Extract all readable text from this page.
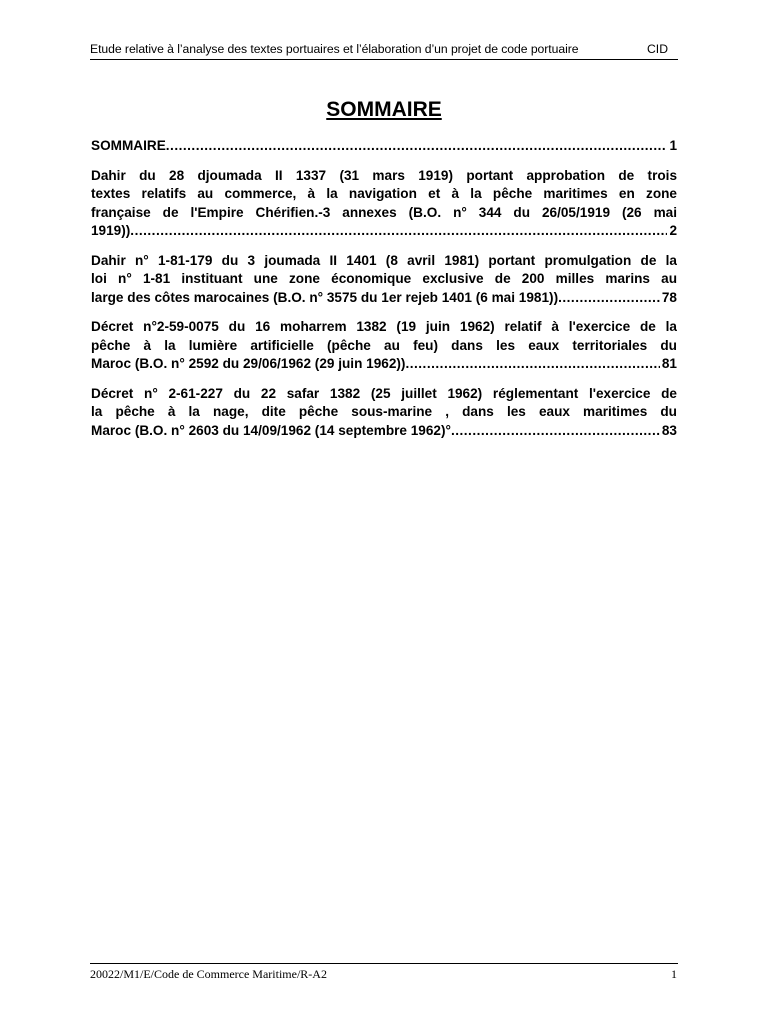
Etude relative à l’analyse des textes portuaires et l’élaboration d’un projet de code portuaire	CID
SOMMAIRE
SOMMAIRE .....	1
Dahir du 28 djoumada II 1337 (31 mars 1919) portant approbation de trois
textes relatifs au commerce, à la navigation et à la pêche maritimes en zone
française de l'Empire Chérifien.-3 annexes (B.O. n° 344 du 26/05/1919 (26 mai
1919)) .....	2
Dahir n° 1-81-179 du 3 joumada II 1401 (8 avril 1981) portant promulgation de la
loi n° 1-81 instituant une zone économique exclusive de 200 milles marins au
large des côtes marocaines (B.O. n° 3575 du 1er rejeb 1401 (6 mai 1981)) .....	78
Décret n°2-59-0075 du 16 moharrem 1382 (19 juin 1962) relatif à l'exercice de la
pêche à la lumière artificielle (pêche au feu) dans les eaux territoriales du
Maroc (B.O. n° 2592 du 29/06/1962 (29 juin 1962)) .....	81
Décret n° 2-61-227 du 22 safar 1382 (25 juillet 1962) réglementant l'exercice de
la pêche à la nage, dite pêche sous-marine , dans les eaux maritimes du
Maroc (B.O. n° 2603 du 14/09/1962 (14 septembre 1962)° .....	83
20022/M1/E/Code de Commerce Maritime/R-A2	1
